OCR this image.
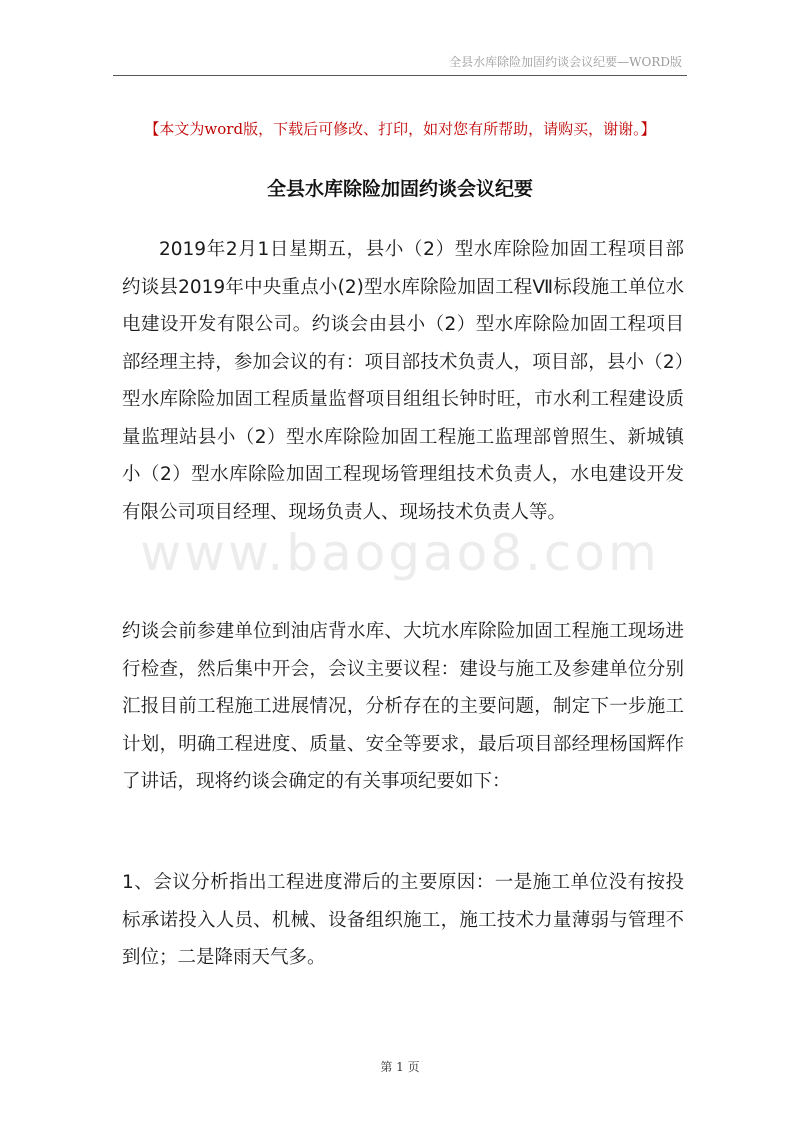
全县水库除险加固约谈会议纪要—WORD版
【本文为word版，下载后可修改、打印，如对您有所帮助，请购买，谢谢。】
全县水库除险加固约谈会议纪要

2019年2月1日星期五，县小（2）型水库除险加固工程项目部约谈县2019年中央重点小(2)型水库除险加固工程Ⅶ标段施工单位水电建设开发有限公司。约谈会由县小（2）型水库除险加固工程项目部经理主持，参加会议的有：项目部技术负责人，项目部，县小（2）型水库除险加固工程质量监督项目组组长钟时旺，市水利工程建设质量监理站县小（2）型水库除险加固工程施工监理部曾照生、新城镇小（2）型水库除险加固工程现场管理组技术负责人，水电建设开发有限公司项目经理、现场负责人、现场技术负责人等。

www.baogao8.com

约谈会前参建单位到油店背水库、大坑水库除险加固工程施工现场进行检查，然后集中开会，会议主要议程：建设与施工及参建单位分别汇报目前工程施工进展情况，分析存在的主要问题，制定下一步施工计划，明确工程进度、质量、安全等要求，最后项目部经理杨国辉作了讲话，现将约谈会确定的有关事项纪要如下：

1、会议分析指出工程进度滞后的主要原因：一是施工单位没有按投标承诺投入人员、机械、设备组织施工，施工技术力量薄弱与管理不到位；二是降雨天气多。

第 1 页
